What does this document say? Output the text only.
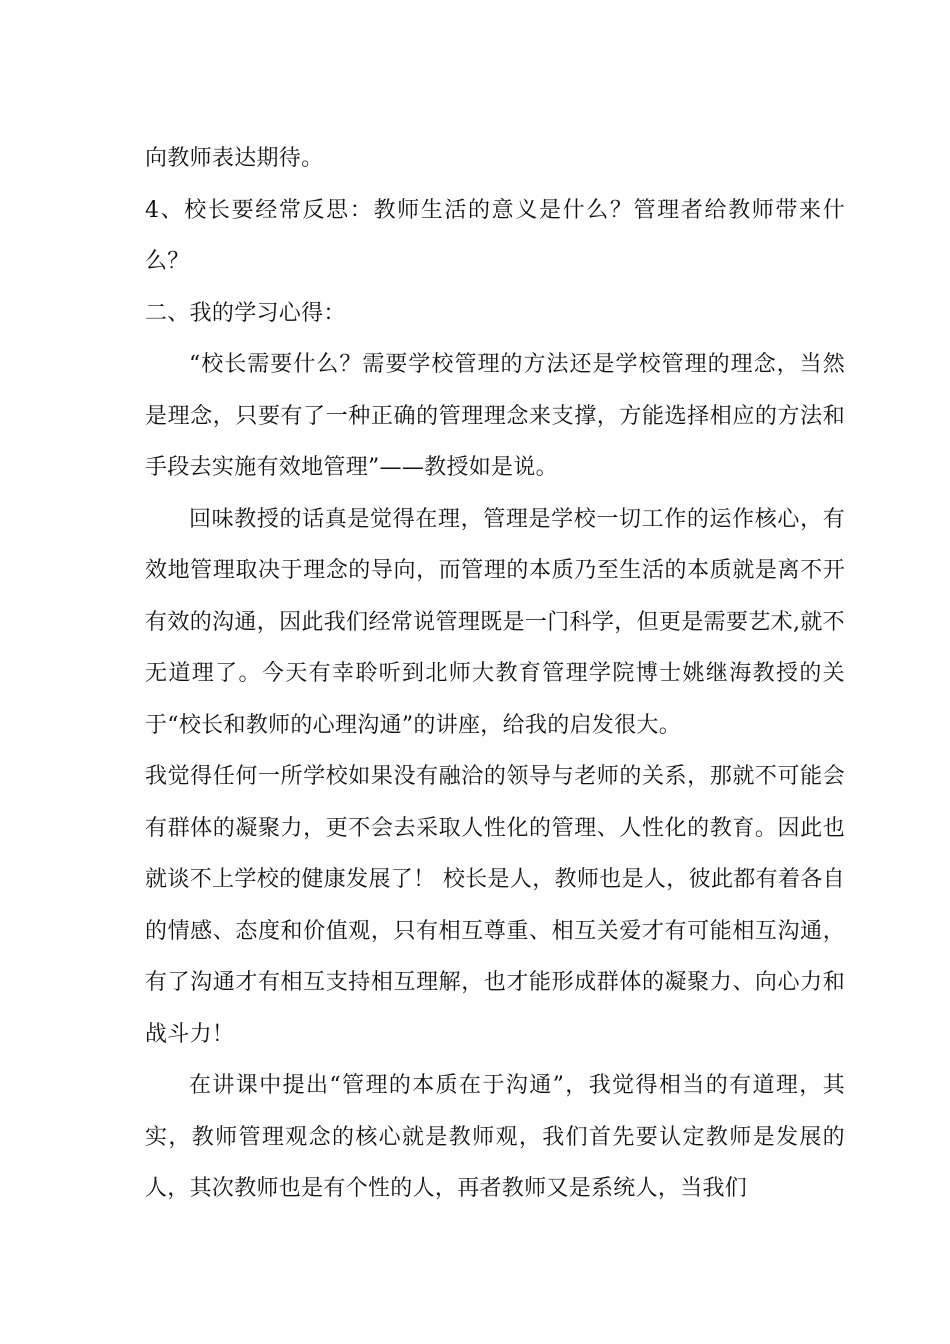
向教师表达期待。

4、校长要经常反思：教师生活的意义是什么？管理者给教师带来什么？

二、我的学习心得：

“校长需要什么？需要学校管理的方法还是学校管理的理念，当然是理念，只要有了一种正确的管理理念来支撑，方能选择相应的方法和手段去实施有效地管理”——教授如是说。

回味教授的话真是觉得在理，管理是学校一切工作的运作核心，有效地管理取决于理念的导向，而管理的本质乃至生活的本质就是离不开有效的沟通，因此我们经常说管理既是一门科学，但更是需要艺术,就不无道理了。今天有幸聆听到北师大教育管理学院博士姚继海教授的关于“校长和教师的心理沟通”的讲座，给我的启发很大。

我觉得任何一所学校如果没有融洽的领导与老师的关系，那就不可能会有群体的凝聚力，更不会去采取人性化的管理、人性化的教育。因此也就谈不上学校的健康发展了！ 校长是人，教师也是人，彼此都有着各自的情感、态度和价值观，只有相互尊重、相互关爱才有可能相互沟通，有了沟通才有相互支持相互理解，也才能形成群体的凝聚力、向心力和战斗力！

在讲课中提出“管理的本质在于沟通”，我觉得相当的有道理，其实，教师管理观念的核心就是教师观，我们首先要认定教师是发展的人，其次教师也是有个性的人，再者教师又是系统人，当我们
